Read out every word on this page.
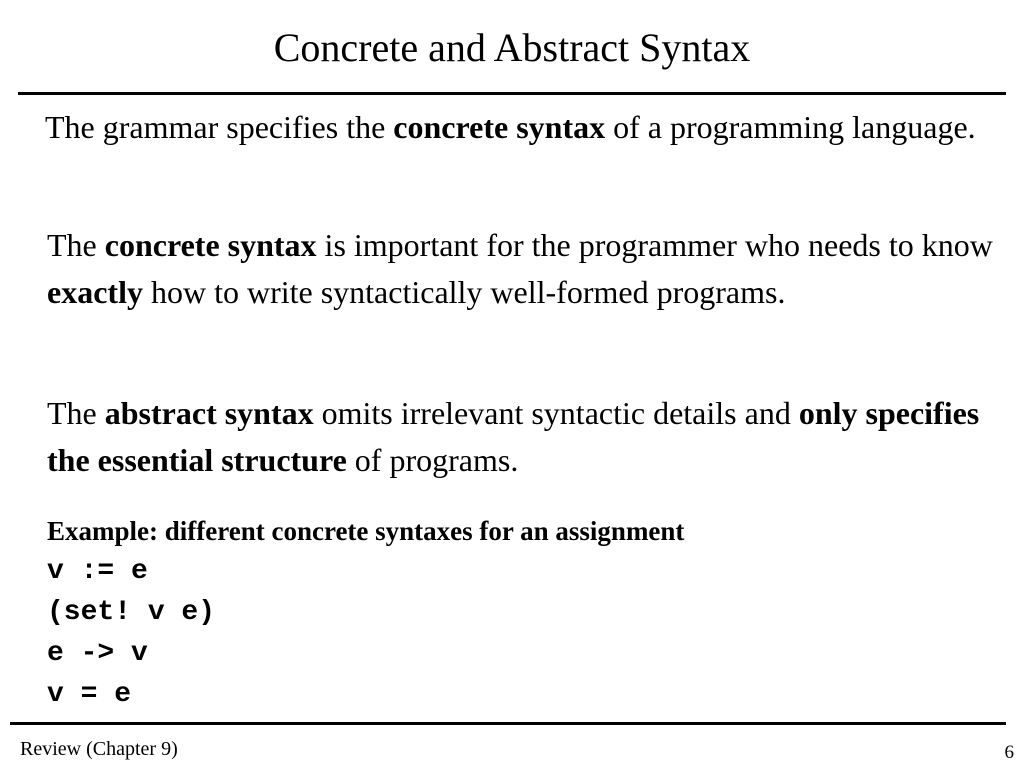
Concrete and Abstract Syntax
The grammar specifies the concrete syntax of a programming language.
The concrete syntax is important for the programmer who needs to know exactly how to write syntactically well-formed programs.
The abstract syntax omits irrelevant syntactic details and only specifies the essential structure of programs.
Example: different concrete syntaxes for an assignment
v := e
(set! v e)
e -> v
v = e
Review (Chapter 9)	6
